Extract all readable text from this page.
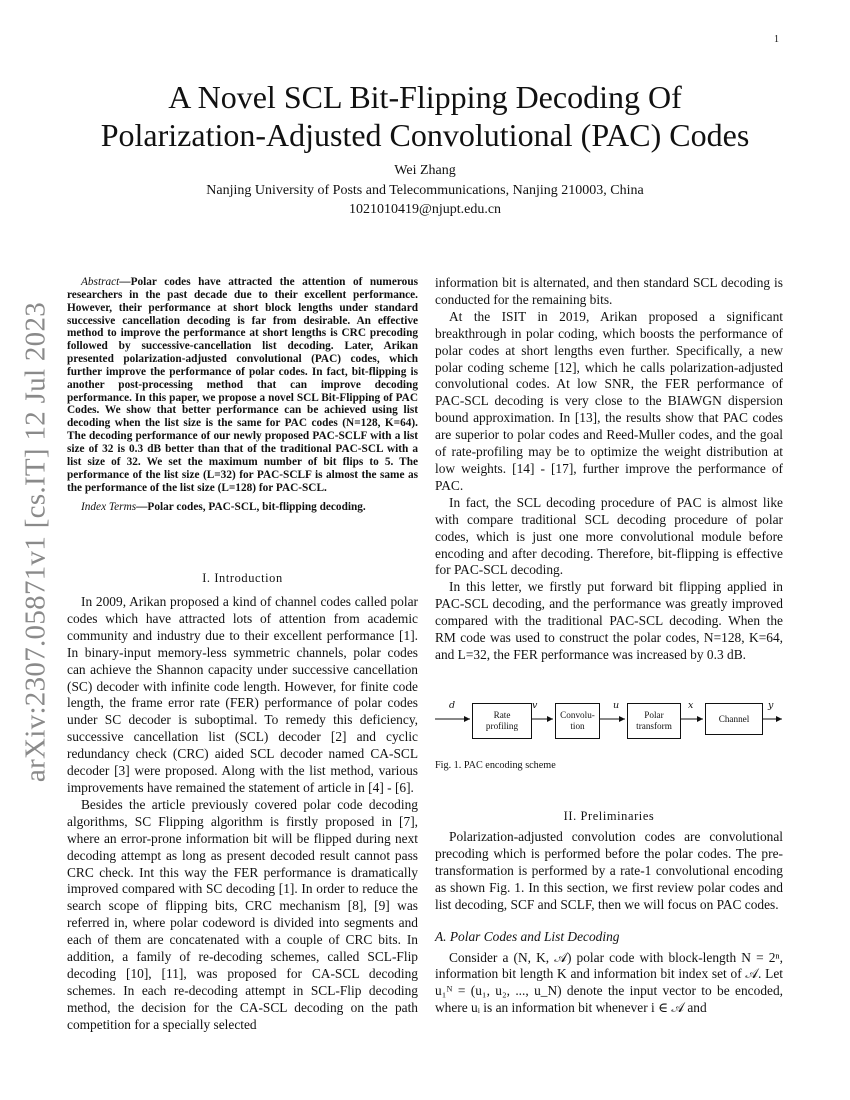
1
arXiv:2307.05871v1 [cs.IT] 12 Jul 2023
A Novel SCL Bit-Flipping Decoding Of
Polarization-Adjusted Convolutional (PAC) Codes
Wei Zhang
Nanjing University of Posts and Telecommunications, Nanjing 210003, China
1021010419@njupt.edu.cn

Abstract—Polar codes have attracted the attention of numerous researchers in the past decade due to their excellent performance. However, their performance at short block lengths under standard successive cancellation decoding is far from desirable. An effective method to improve the performance at short lengths is CRC precoding followed by successive-cancellation list decoding. Later, Arikan presented polarization-adjusted convolutional (PAC) codes, which further improve the performance of polar codes. In fact, bit-flipping is another post-processing method that can improve decoding performance. In this paper, we propose a novel SCL Bit-Flipping of PAC Codes. We show that better performance can be achieved using list decoding when the list size is the same for PAC codes (N=128, K=64). The decoding performance of our newly proposed PAC-SCLF with a list size of 32 is 0.3 dB better than that of the traditional PAC-SCL with a list size of 32. We set the maximum number of bit flips to 5. The performance of the list size (L=32) for PAC-SCLF is almost the same as the performance of the list size (L=128) for PAC-SCL.

Index Terms—Polar codes, PAC-SCL, bit-flipping decoding.

I. Introduction

In 2009, Arikan proposed a kind of channel codes called polar codes which have attracted lots of attention from academic community and industry due to their excellent performance [1]. In binary-input memory-less symmetric channels, polar codes can achieve the Shannon capacity under successive cancellation (SC) decoder with infinite code length. However, for finite code length, the frame error rate (FER) performance of polar codes under SC decoder is suboptimal. To remedy this deficiency, successive cancellation list (SCL) decoder [2] and cyclic redundancy check (CRC) aided SCL decoder named CA-SCL decoder [3] were proposed. Along with the list method, various improvements have remained the statement of article in [4] - [6].

Besides the article previously covered polar code decoding algorithms, SC Flipping algorithm is firstly proposed in [7], where an error-prone information bit will be flipped during next decoding attempt as long as present decoded result cannot pass CRC check. Int this way the FER performance is dramatically improved compared with SC decoding [1]. In order to reduce the search scope of flipping bits, CRC mechanism [8], [9] was referred in, where polar codeword is divided into segments and each of them are concatenated with a couple of CRC bits. In addition, a family of re-decoding schemes, called SCL-Flip decoding [10], [11], was proposed for CA-SCL decoding schemes. In each re-decoding attempt in SCL-Flip decoding method, the decision for the CA-SCL decoding on the path competition for a specially selected

information bit is alternated, and then standard SCL decoding is conducted for the remaining bits.

At the ISIT in 2019, Arikan proposed a significant breakthrough in polar coding, which boosts the performance of polar codes at short lengths even further. Specifically, a new polar coding scheme [12], which he calls polarization-adjusted convolutional codes. At low SNR, the FER performance of PAC-SCL decoding is very close to the BIAWGN dispersion bound approximation. In [13], the results show that PAC codes are superior to polar codes and Reed-Muller codes, and the goal of rate-profiling may be to optimize the weight distribution at low weights. [14] - [17], further improve the performance of PAC.

In fact, the SCL decoding procedure of PAC is almost like with compare traditional SCL decoding procedure of polar codes, which is just one more convolutional module before encoding and after decoding. Therefore, bit-flipping is effective for PAC-SCL decoding.

In this letter, we firstly put forward bit flipping applied in PAC-SCL decoding, and the performance was greatly improved compared with the traditional PAC-SCL decoding. When the RM code was used to construct the polar codes, N=128, K=64, and L=32, the FER performance was increased by 0.3 dB.

d	v	u	x	y
Rate
profiling
Convolu-
tion
Polar
transform
Channel
Fig. 1. PAC encoding scheme
II. Preliminaries

Polarization-adjusted convolution codes are convolutional precoding which is performed before the polar codes. The pre-transformation is performed by a rate-1 convolutional encoding as shown Fig. 1. In this section, we first review polar codes and list decoding, SCF and SCLF, then we will focus on PAC codes.

A. Polar Codes and List Decoding

Consider a (N, K, 𝒜) polar code with block-length N = 2ⁿ, information bit length K and information bit index set of 𝒜. Let u₁ᴺ = (u₁, u₂, ..., u_N) denote the input vector to be encoded, where uᵢ is an information bit whenever i ∈ 𝒜 and
